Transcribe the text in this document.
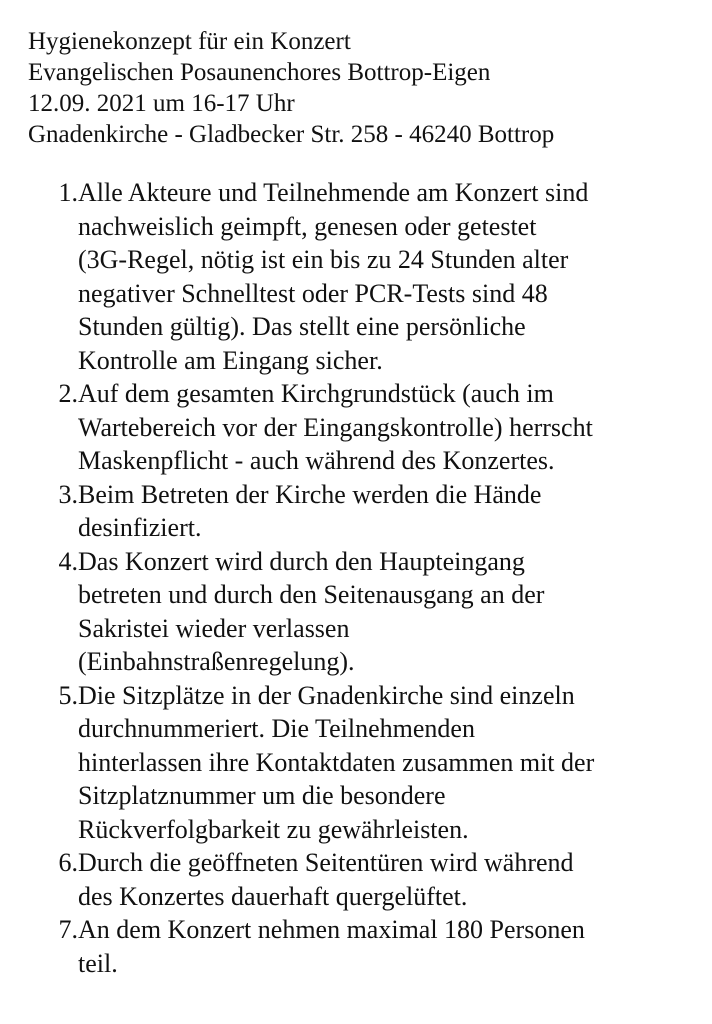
Hygienekonzept für ein Konzert
Evangelischen Posaunenchores Bottrop-Eigen
12.09. 2021 um 16-17 Uhr
Gnadenkirche - Gladbecker Str. 258 - 46240 Bottrop
1. Alle Akteure und Teilnehmende am Konzert sind
nachweislich geimpft, genesen oder getestet
(3G-Regel, nötig ist ein bis zu 24 Stunden alter
negativer Schnelltest oder PCR-Tests sind 48
Stunden gültig). Das stellt eine persönliche
Kontrolle am Eingang sicher.
2. Auf dem gesamten Kirchgrundstück (auch im
Wartebereich vor der Eingangskontrolle) herrscht
Maskenpflicht - auch während des Konzertes.
3. Beim Betreten der Kirche werden die Hände
desinfiziert.
4. Das Konzert wird durch den Haupteingang
betreten und durch den Seitenausgang an der
Sakristei wieder verlassen
(Einbahnstraßenregelung).
5. Die Sitzplätze in der Gnadenkirche sind einzeln
durchnummeriert. Die Teilnehmenden
hinterlassen ihre Kontaktdaten zusammen mit der
Sitzplatznummer um die besondere
Rückverfolgbarkeit zu gewährleisten.
6. Durch die geöffneten Seitentüren wird während
des Konzertes dauerhaft quergelüftet.
7. An dem Konzert nehmen maximal 180 Personen
teil.
